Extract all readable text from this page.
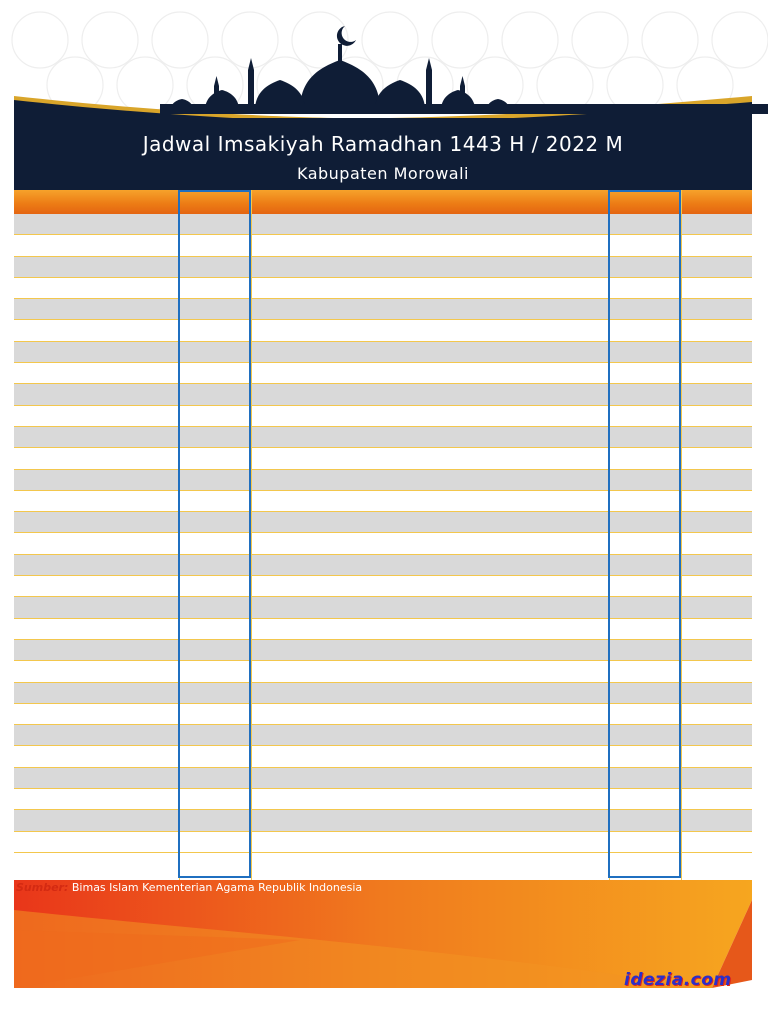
Jadwal Imsakiyah Ramadhan 1443 H / 2022 M
Kabupaten Morowali
Sumber: Bimas Islam Kementerian Agama Republik Indonesia
idezia.com
